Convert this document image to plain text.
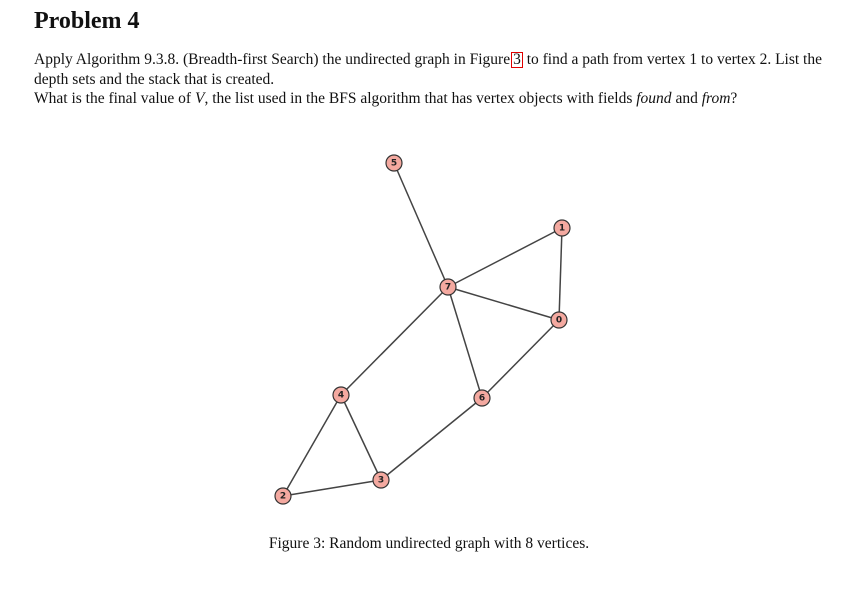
Problem 4
Apply Algorithm 9.3.8. (Breadth-first Search) the undirected graph in Figure 3 to find a path from vertex 1 to vertex 2. List the depth sets and the stack that is created.
What is the final value of V, the list used in the BFS algorithm that has vertex objects with fields found and from?
0
1
2
3
4
5
6
7
Figure 3: Random undirected graph with 8 vertices.
